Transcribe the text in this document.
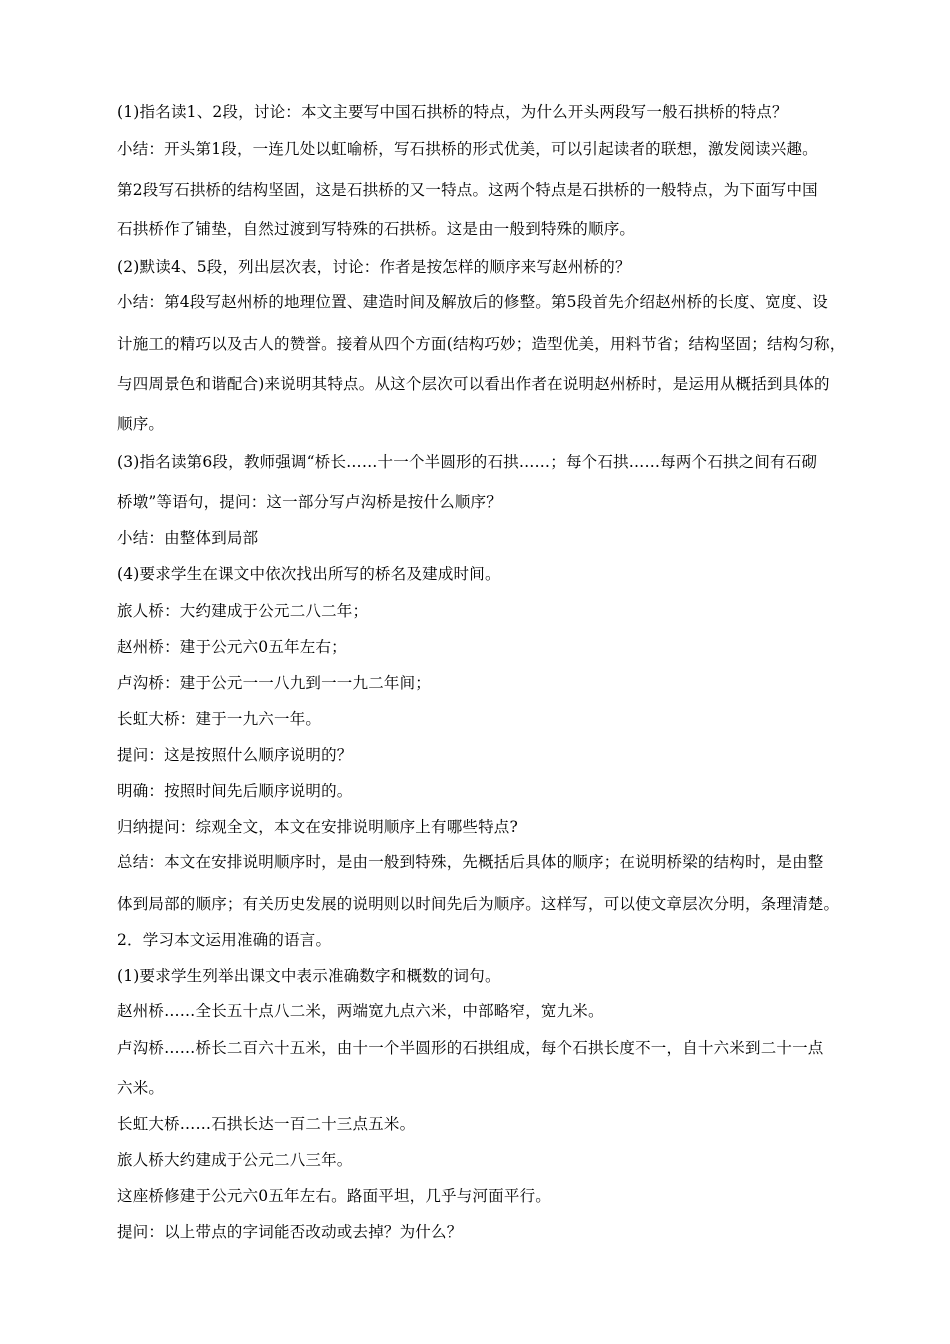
(1)指名读1、2段，讨论：本文主要写中国石拱桥的特点，为什么开头两段写一般石拱桥的特点？

小结：开头第1段，一连几处以虹喻桥，写石拱桥的形式优美，可以引起读者的联想，激发阅读兴趣。

第2段写石拱桥的结构坚固，这是石拱桥的又一特点。这两个特点是石拱桥的一般特点，为下面写中国

石拱桥作了铺垫，自然过渡到写特殊的石拱桥。这是由一般到特殊的顺序。

(2)默读4、5段，列出层次表，讨论：作者是按怎样的顺序来写赵州桥的？

小结：第4段写赵州桥的地理位置、建造时间及解放后的修整。第5段首先介绍赵州桥的长度、宽度、设

计施工的精巧以及古人的赞誉。接着从四个方面(结构巧妙；造型优美，用料节省；结构坚固；结构匀称，

与四周景色和谐配合)来说明其特点。从这个层次可以看出作者在说明赵州桥时，是运用从概括到具体的

顺序。

(3)指名读第6段，教师强调“桥长……十一个半圆形的石拱……；每个石拱……每两个石拱之间有石砌

桥墩”等语句，提问：这一部分写卢沟桥是按什么顺序？

小结：由整体到局部

(4)要求学生在课文中依次找出所写的桥名及建成时间。

旅人桥：大约建成于公元二八二年；

赵州桥：建于公元六0五年左右；

卢沟桥：建于公元一一八九到一一九二年间；

长虹大桥：建于一九六一年。

提问：这是按照什么顺序说明的？

明确：按照时间先后顺序说明的。

归纳提问：综观全文，本文在安排说明顺序上有哪些特点?

总结：本文在安排说明顺序时，是由一般到特殊，先概括后具体的顺序；在说明桥梁的结构时，是由整

体到局部的顺序；有关历史发展的说明则以时间先后为顺序。这样写，可以使文章层次分明，条理清楚。

2．学习本文运用准确的语言。

(1)要求学生列举出课文中表示准确数字和概数的词句。

赵州桥……全长五十点八二米，两端宽九点六米，中部略窄，宽九米。

卢沟桥……桥长二百六十五米，由十一个半圆形的石拱组成，每个石拱长度不一，自十六米到二十一点

六米。

长虹大桥……石拱长达一百二十三点五米。

旅人桥大约建成于公元二八三年。

这座桥修建于公元六0五年左右。路面平坦，几乎与河面平行。

提问：以上带点的字词能否改动或去掉？为什么？
